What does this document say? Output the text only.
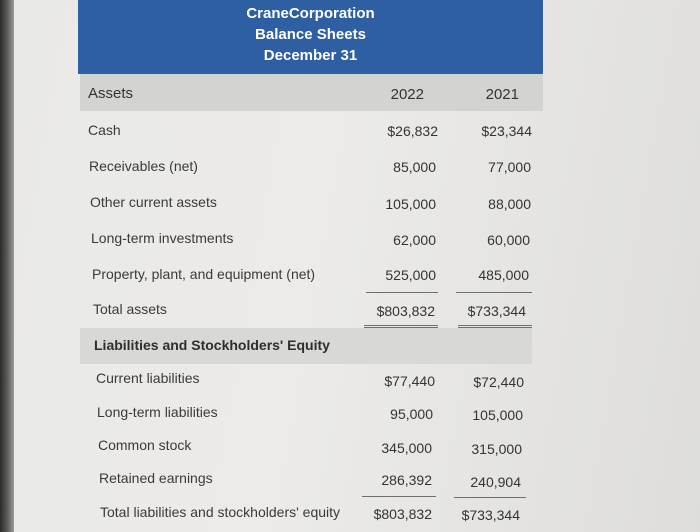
CraneCorporation
Balance Sheets
December 31
Assets	2022	2021
Cash	$26,832	$23,344
Receivables (net)	85,000	77,000
Other current assets	105,000	88,000
Long-term investments	62,000	60,000
Property, plant, and equipment (net)	525,000	485,000
Total assets	$803,832	$733,344
Liabilities and Stockholders' Equity
Current liabilities	$77,440	$72,440
Long-term liabilities	95,000	105,000
Common stock	345,000	315,000
Retained earnings	286,392	240,904
Total liabilities and stockholders' equity	$803,832	$733,344
